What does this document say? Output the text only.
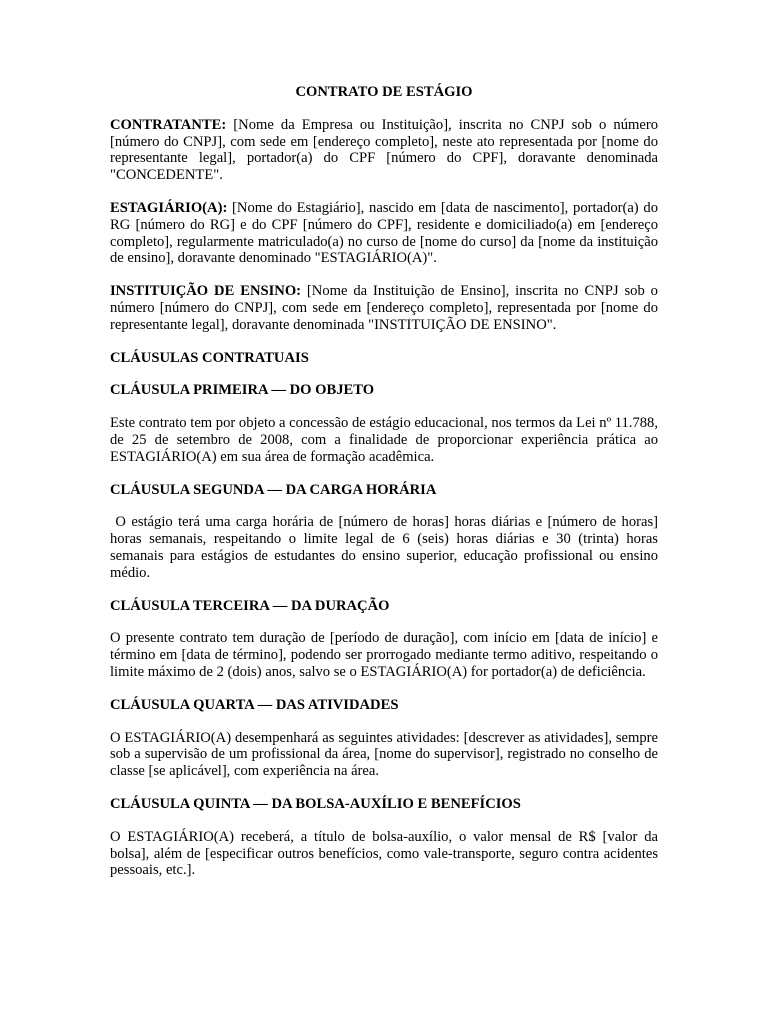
CONTRATO DE ESTÁGIO
CONTRATANTE: [Nome da Empresa ou Instituição], inscrita no CNPJ sob o número [número do CNPJ], com sede em [endereço completo], neste ato representada por [nome do representante legal], portador(a) do CPF [número do CPF], doravante denominada "CONCEDENTE".
ESTAGIÁRIO(A): [Nome do Estagiário], nascido em [data de nascimento], portador(a) do RG [número do RG] e do CPF [número do CPF], residente e domiciliado(a) em [endereço completo], regularmente matriculado(a) no curso de [nome do curso] da [nome da instituição de ensino], doravante denominado "ESTAGIÁRIO(A)".
INSTITUIÇÃO DE ENSINO: [Nome da Instituição de Ensino], inscrita no CNPJ sob o número [número do CNPJ], com sede em [endereço completo], representada por [nome do representante legal], doravante denominada "INSTITUIÇÃO DE ENSINO".
CLÁUSULAS CONTRATUAIS
CLÁUSULA PRIMEIRA — DO OBJETO
Este contrato tem por objeto a concessão de estágio educacional, nos termos da Lei nº 11.788, de 25 de setembro de 2008, com a finalidade de proporcionar experiência prática ao ESTAGIÁRIO(A) em sua área de formação acadêmica.
CLÁUSULA SEGUNDA — DA CARGA HORÁRIA
O estágio terá uma carga horária de [número de horas] horas diárias e [número de horas] horas semanais, respeitando o limite legal de 6 (seis) horas diárias e 30 (trinta) horas semanais para estágios de estudantes do ensino superior, educação profissional ou ensino médio.
CLÁUSULA TERCEIRA — DA DURAÇÃO
O presente contrato tem duração de [período de duração], com início em [data de início] e término em [data de término], podendo ser prorrogado mediante termo aditivo, respeitando o limite máximo de 2 (dois) anos, salvo se o ESTAGIÁRIO(A) for portador(a) de deficiência.
CLÁUSULA QUARTA — DAS ATIVIDADES
O ESTAGIÁRIO(A) desempenhará as seguintes atividades: [descrever as atividades], sempre sob a supervisão de um profissional da área, [nome do supervisor], registrado no conselho de classe [se aplicável], com experiência na área.
CLÁUSULA QUINTA — DA BOLSA-AUXÍLIO E BENEFÍCIOS
O ESTAGIÁRIO(A) receberá, a título de bolsa-auxílio, o valor mensal de R$ [valor da bolsa], além de [especificar outros benefícios, como vale-transporte, seguro contra acidentes pessoais, etc.].
